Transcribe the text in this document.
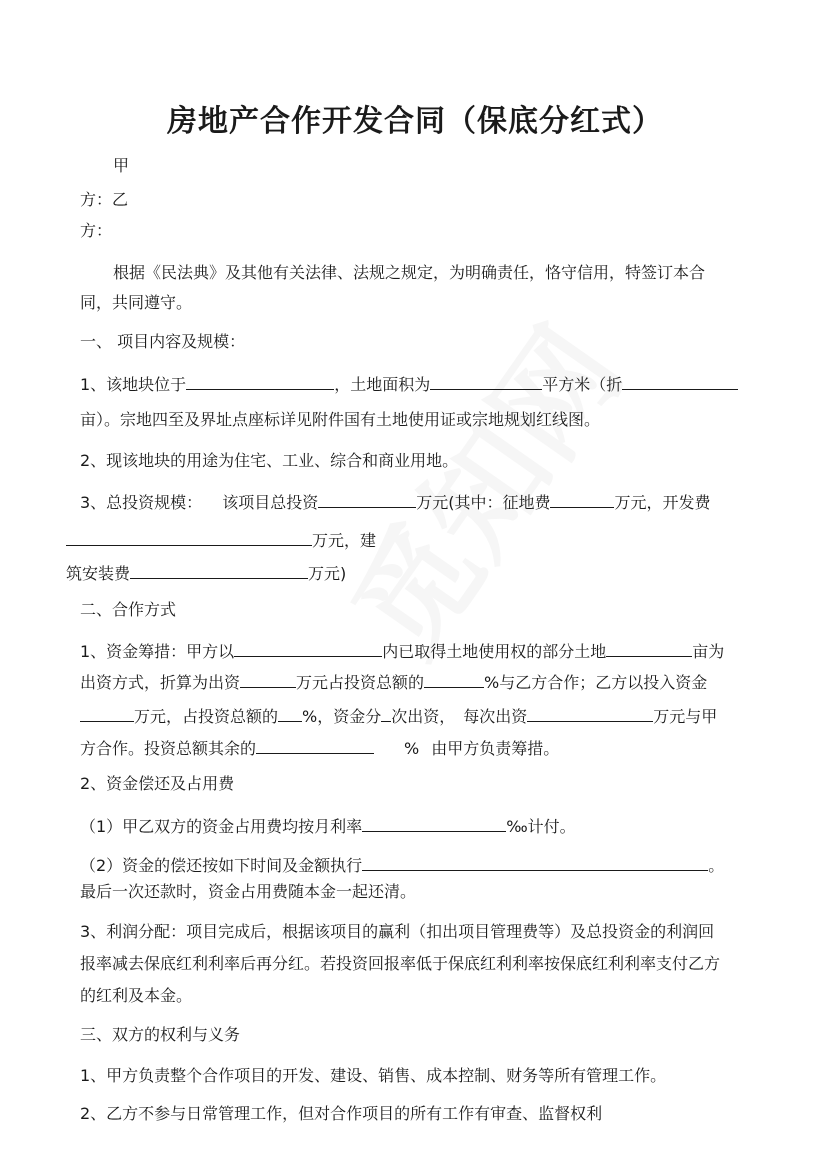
房地产合作开发合同（保底分红式）
甲
方：乙
方：
根据《民法典》及其他有关法律、法规之规定，为明确责任，恪守信用，特签订本合
同，共同遵守。
一、 项目内容及规模：
1、该地块位于	，土地面积为	平方米（折
亩）。宗地四至及界址点座标详见附件国有土地使用证或宗地规划红线图。
2、现该地块的用途为住宅、工业、综合和商业用地。
3、总投资规模： 该项目总投资	万元(其中：征地费	万元，开发费
万元，建
筑安装费	万元)
二、合作方式
1、资金筹措：甲方以	内已取得土地使用权的部分土地	亩为
出资方式，折算为出资	万元占投资总额的	%与乙方合作；乙方以投入资金
万元，占投资总额的 %，资金分 次出资， 每次出资	万元与甲
方合作。投资总额其余的	% 由甲方负责筹措。
2、资金偿还及占用费
（1）甲乙双方的资金占用费均按月利率	‰计付。
（2）资金的偿还按如下时间及金额执行	。
最后一次还款时，资金占用费随本金一起还清。
3、利润分配：项目完成后，根据该项目的赢利（扣出项目管理费等）及总投资金的利润回
报率减去保底红利利率后再分红。若投资回报率低于保底红利利率按保底红利利率支付乙方
的红利及本金。
三、双方的权利与义务
1、甲方负责整个合作项目的开发、建设、销售、成本控制、财务等所有管理工作。
2、乙方不参与日常管理工作，但对合作项目的所有工作有审查、监督权利
